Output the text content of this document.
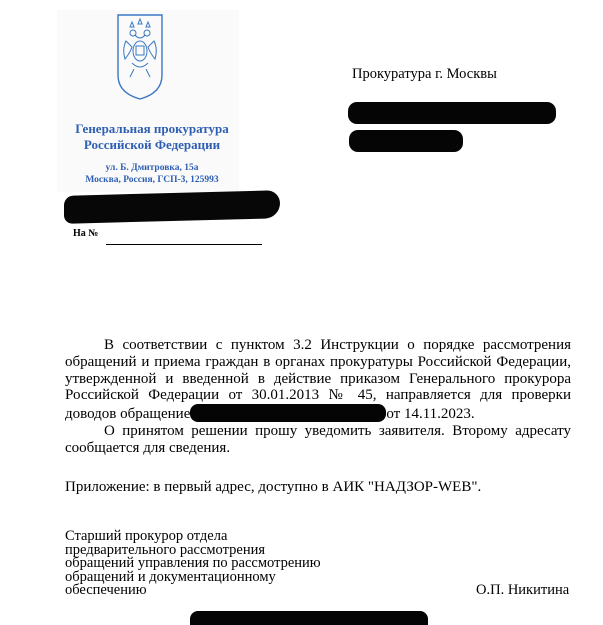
Генеральная прокуратура
Российской Федерации
ул. Б. Дмитровка, 15а
Москва, Россия, ГСП-3, 125993
На №
Прокуратура г. Москвы

В соответствии с пунктом 3.2 Инструкции о порядке рассмотрения обращений и приема граждан в органах прокуратуры Российской Федерации, утвержденной и введенной в действие приказом Генерального прокурора Российской Федерации от 30.01.2013 № 45, направляется для проверки доводов обращение	от 14.11.2023.

О принятом решении прошу уведомить заявителя. Второму адресату сообщается для сведения.

Приложение: в первый адрес, доступно в АИК "НАДЗОР-WEB".
Старший прокурор отдела
предварительного рассмотрения
обращений управления по рассмотрению
обращений и документационному
обеспечению	О.П. Никитина
